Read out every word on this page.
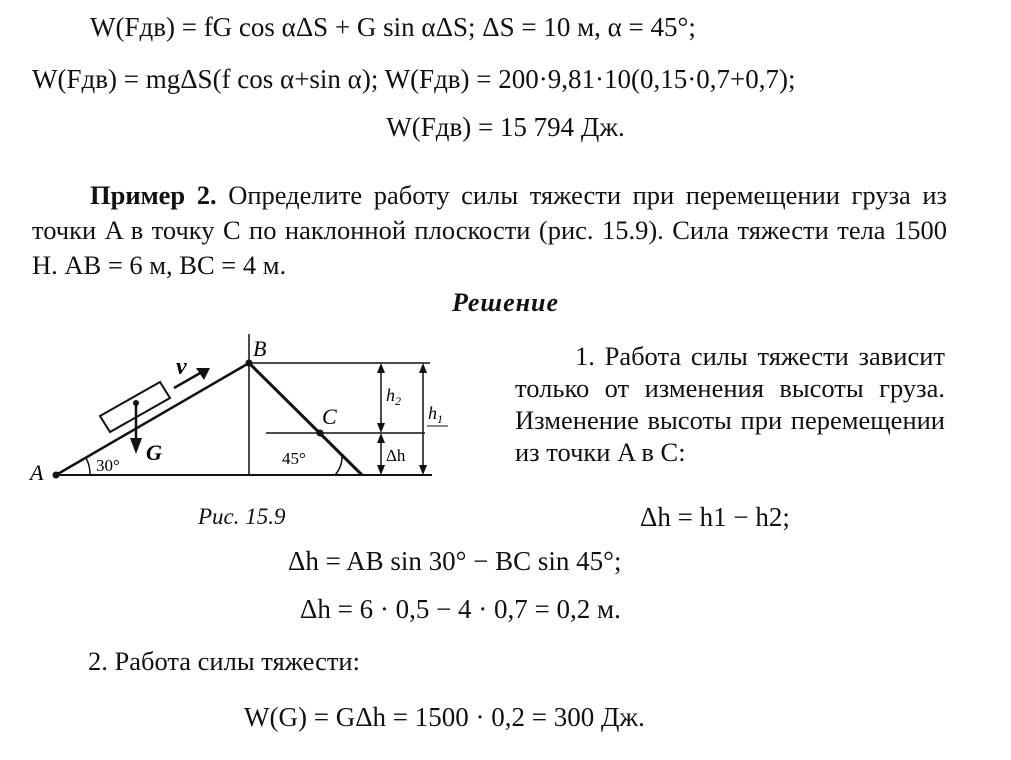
W(Fдв) = fG cos αΔS + G sin αΔS; ΔS = 10 м, α = 45°;
W(Fдв) = mgΔS(f cos α+sin α); W(Fдв) = 200·9,81·10(0,15·0,7+0,7);
W(Fдв) = 15 794 Дж.
Пример 2. Определите работу силы тяжести при перемещении груза из точки A в точку C по наклонной плоскости (рис. 15.9). Сила тяжести тела 1500 Н. AB = 6 м, BC = 4 м.
Решение
A
B
C
v
G
30°	45°
$h_2$
$h_1$
Δh
Рис. 15.9
1. Работа силы тяжести зависит только от изменения высоты груза. Изменение высоты при перемещении из точки A в C:
Δh = h1 − h2;
Δh = AB sin 30° − BC sin 45°;
Δh = 6 · 0,5 − 4 · 0,7 = 0,2 м.
2. Работа силы тяжести:
W(G) = GΔh = 1500 · 0,2 = 300 Дж.
